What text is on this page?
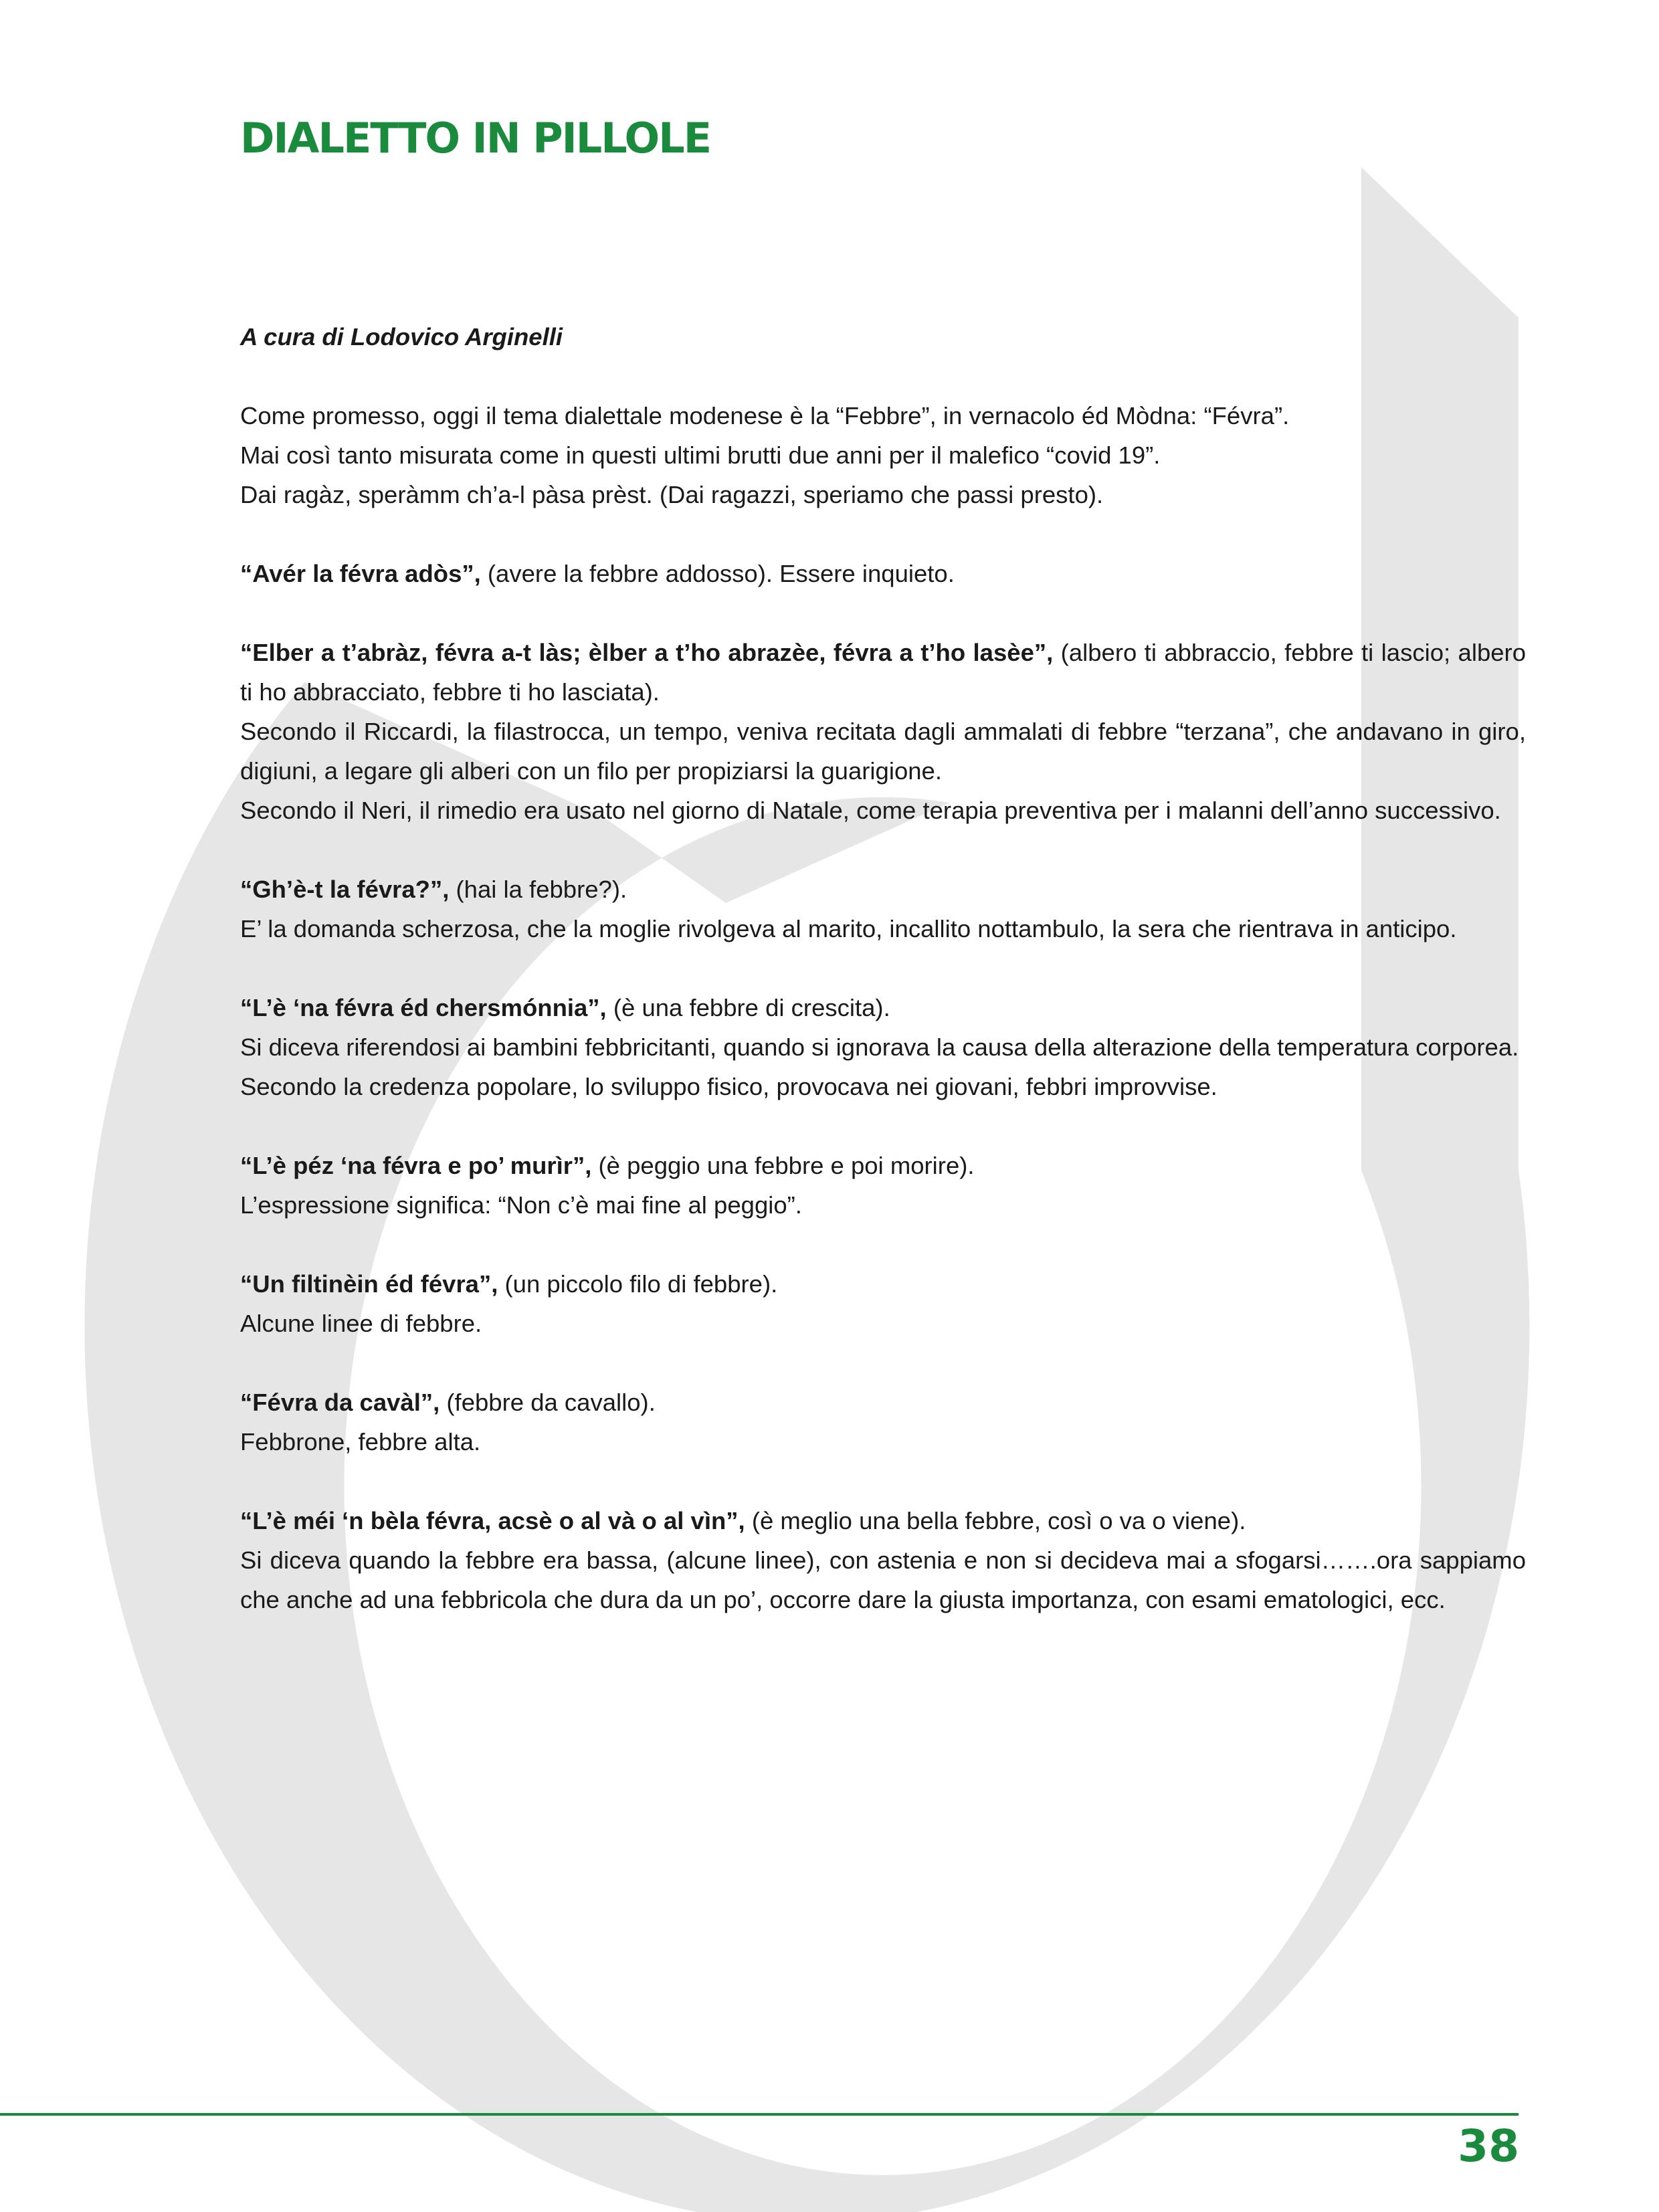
DIALETTO IN PILLOLE

A cura di Lodovico Arginelli

Come promesso, oggi il tema dialettale modenese è la “Febbre”, in vernacolo éd Mòdna: “Févra”.

Mai così tanto misurata come in questi ultimi brutti due anni per il malefico “covid 19”.

Dai ragàz, speràmm ch’a-l pàsa prèst. (Dai ragazzi, speriamo che passi presto).

“Avér la févra adòs”, (avere la febbre addosso). Essere inquieto.

“Elber a t’abràz, févra a-t làs; èlber a t’ho abrazèe, févra a t’ho lasèe”, (albero ti abbraccio, febbre ti lascio; albero ti ho abbracciato, febbre ti ho lasciata).

Secondo il Riccardi, la filastrocca, un tempo, veniva recitata dagli ammalati di febbre “terzana”, che andavano in giro, digiuni, a legare gli alberi con un filo per propiziarsi la guarigione.

Secondo il Neri, il rimedio era usato nel giorno di Natale, come terapia preventiva per i malanni dell’anno successivo.

“Gh’è-t la févra?”, (hai la febbre?).

E’ la domanda scherzosa, che la moglie rivolgeva al marito, incallito nottambulo, la sera che rientrava in anticipo.

“L’è ‘na févra éd chersmónnia”, (è una febbre di crescita).

Si diceva riferendosi ai bambini febbricitanti, quando si ignorava la causa della alterazione della temperatura corporea.

Secondo la credenza popolare, lo sviluppo fisico, provocava nei giovani, febbri improvvise.

“L’è péz ‘na févra e po’ murìr”, (è peggio una febbre e poi morire).

L’espressione significa: “Non c’è mai fine al peggio”.

“Un filtinèin éd févra”, (un piccolo filo di febbre).

Alcune linee di febbre.

“Févra da cavàl”, (febbre da cavallo).

Febbrone, febbre alta.

“L’è méi ‘n bèla févra, acsè o al và o al vìn”, (è meglio una bella febbre, così o va o viene).

Si diceva quando la febbre era bassa, (alcune linee), con astenia e non si decideva mai a sfogarsi…….ora sappiamo che anche ad una febbricola che dura da un po’, occorre dare la giusta importanza, con esami ematologici, ecc.

38
